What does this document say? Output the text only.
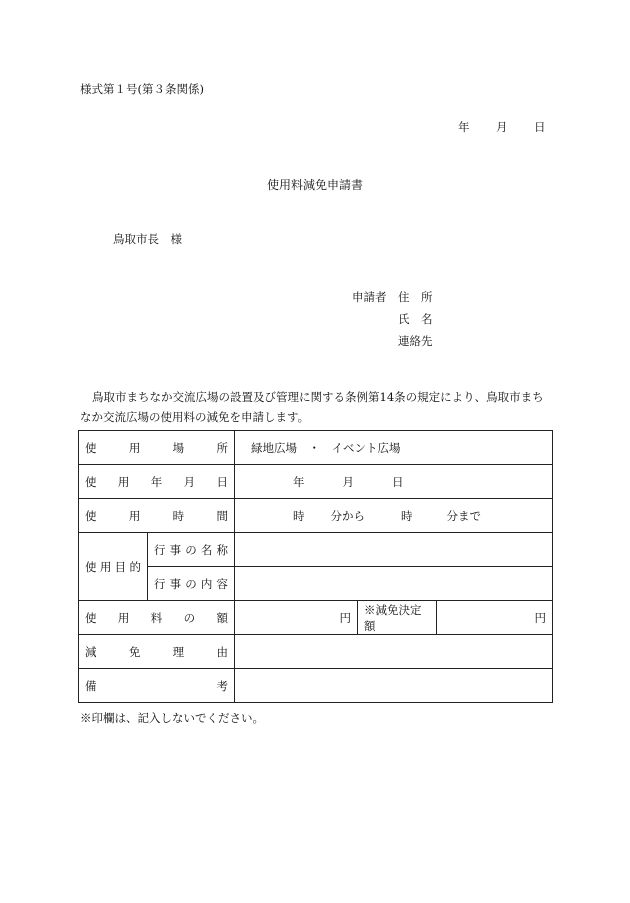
様式第１号(第３条関係)
年 月 日
使用料減免申請書
鳥取市長　様
申請者 住　所
氏　名
連絡先
鳥取市まちなか交流広場の設置及び管理に関する条例第14条の規定により、鳥取市まちなか交流広場の使用料の減免を申請します。
使用場所		緑地広場　・　イベント広場		
使用年月日		年 月 日		
使用時間		時 分から 時 分まで		
使用目的	行事の名称			
	行事の内容			
使用料の額		円	※減免決定額	円
減免理由				
備考				
※印欄は、記入しないでください。
